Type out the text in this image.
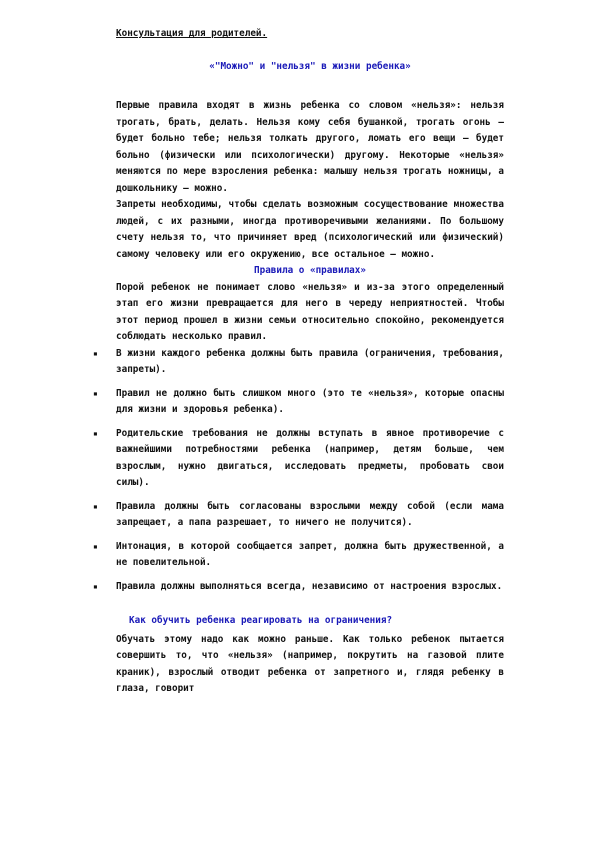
Консультация для родителей.

«"Можно" и "нельзя" в жизни ребенка»

Первые правила входят в жизнь ребенка со словом «нельзя»: нельзя трогать, брать, делать. Нельзя кому себя бушанкой, трогать огонь – будет больно тебе; нельзя толкать другого, ломать его вещи – будет больно (физически или психологически) другому. Некоторые «нельзя» меняются по мере взросления ребенка: малышу нельзя трогать ножницы, а дошкольнику – можно.

Запреты необходимы, чтобы сделать возможным сосуществование множества людей, с их разными, иногда противоречивыми желаниями. По большому счету нельзя то, что причиняет вред (психологический или физический) самому человеку или его окружению, все остальное – можно.

Правила о «правилах»

Порой ребенок не понимает слово «нельзя» и из-за этого определенный этап его жизни превращается для него в череду неприятностей. Чтобы этот период прошел в жизни семьи относительно спокойно, рекомендуется соблюдать несколько правил.

▪ В жизни каждого ребенка должны быть правила (ограничения, требования, запреты).
▪ Правил не должно быть слишком много (это те «нельзя», которые опасны для жизни и здоровья ребенка).
▪ Родительские требования не должны вступать в явное противоречие с важнейшими потребностями ребенка (например, детям больше, чем взрослым, нужно двигаться, исследовать предметы, пробовать свои силы).
▪ Правила должны быть согласованы взрослыми между собой (если мама запрещает, а папа разрешает, то ничего не получится).
▪ Интонация, в которой сообщается запрет, должна быть дружественной, а не повелительной.
▪ Правила должны выполняться всегда, независимо от настроения взрослых.

Как обучить ребенка реагировать на ограничения?

Обучать этому надо как можно раньше. Как только ребенок пытается совершить то, что «нельзя» (например, покрутить на газовой плите краник), взрослый отводит ребенка от запретного и, глядя ребенку в глаза, говорит
